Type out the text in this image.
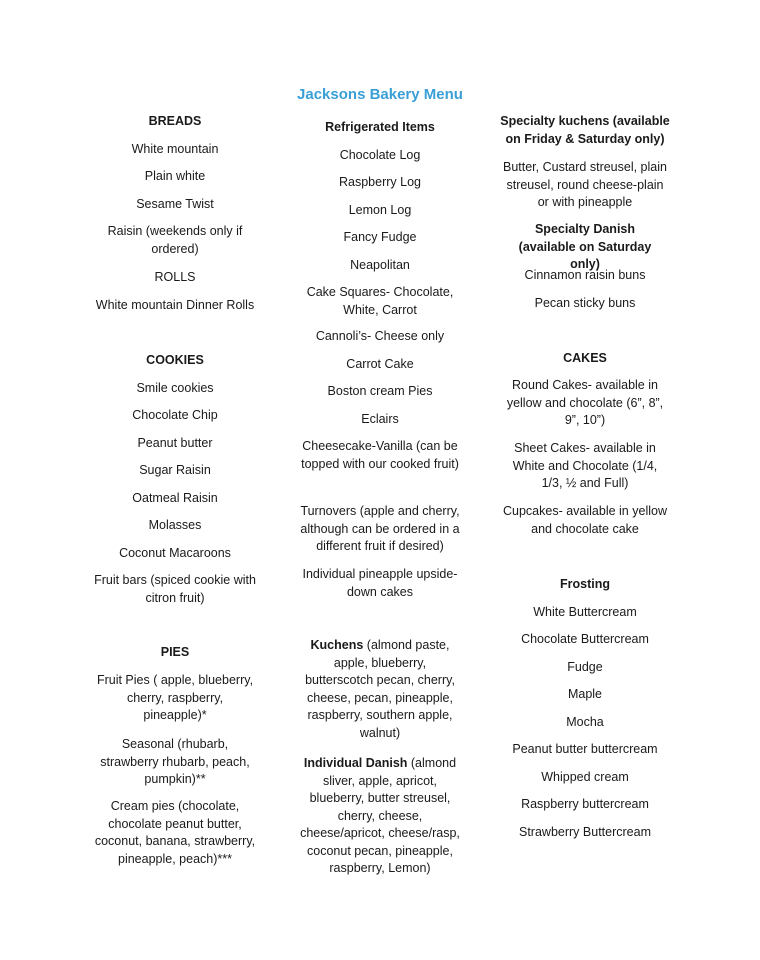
Jacksons Bakery Menu
BREADS
White mountain
Plain white
Sesame Twist
Raisin (weekends only if ordered)
ROLLS
White mountain Dinner Rolls
COOKIES
Smile cookies
Chocolate Chip
Peanut butter
Sugar Raisin
Oatmeal Raisin
Molasses
Coconut Macaroons
Fruit bars (spiced cookie with citron fruit)
PIES
Fruit Pies ( apple, blueberry, cherry, raspberry, pineapple)*
Seasonal (rhubarb, strawberry rhubarb, peach, pumpkin)**
Cream pies (chocolate, chocolate peanut butter, coconut, banana, strawberry, pineapple, peach)***
Refrigerated Items
Chocolate Log
Raspberry Log
Lemon Log
Fancy Fudge
Neapolitan
Cake Squares- Chocolate, White, Carrot
Cannoli’s- Cheese only
Carrot Cake
Boston cream Pies
Eclairs
Cheesecake-Vanilla (can be topped with our cooked fruit)
Turnovers (apple and cherry, although can be ordered in a different fruit if desired)
Individual pineapple upside-down cakes
Kuchens (almond paste, apple, blueberry, butterscotch pecan, cherry, cheese, pecan, pineapple, raspberry, southern apple, walnut)
Individual Danish (almond sliver, apple, apricot, blueberry, butter streusel, cherry, cheese, cheese/apricot, cheese/rasp, coconut pecan, pineapple, raspberry, Lemon)
Specialty kuchens (available on Friday & Saturday only)
Butter, Custard streusel, plain streusel, round cheese-plain or with pineapple
Specialty Danish (available on Saturday only)
Cinnamon raisin buns
Pecan sticky buns
CAKES
Round Cakes- available in yellow and chocolate (6”, 8”, 9”, 10”)
Sheet Cakes- available in White and Chocolate (1/4, 1/3, ½ and Full)
Cupcakes- available in yellow and chocolate cake
Frosting
White Buttercream
Chocolate Buttercream
Fudge
Maple
Mocha
Peanut butter buttercream
Whipped cream
Raspberry buttercream
Strawberry Buttercream
